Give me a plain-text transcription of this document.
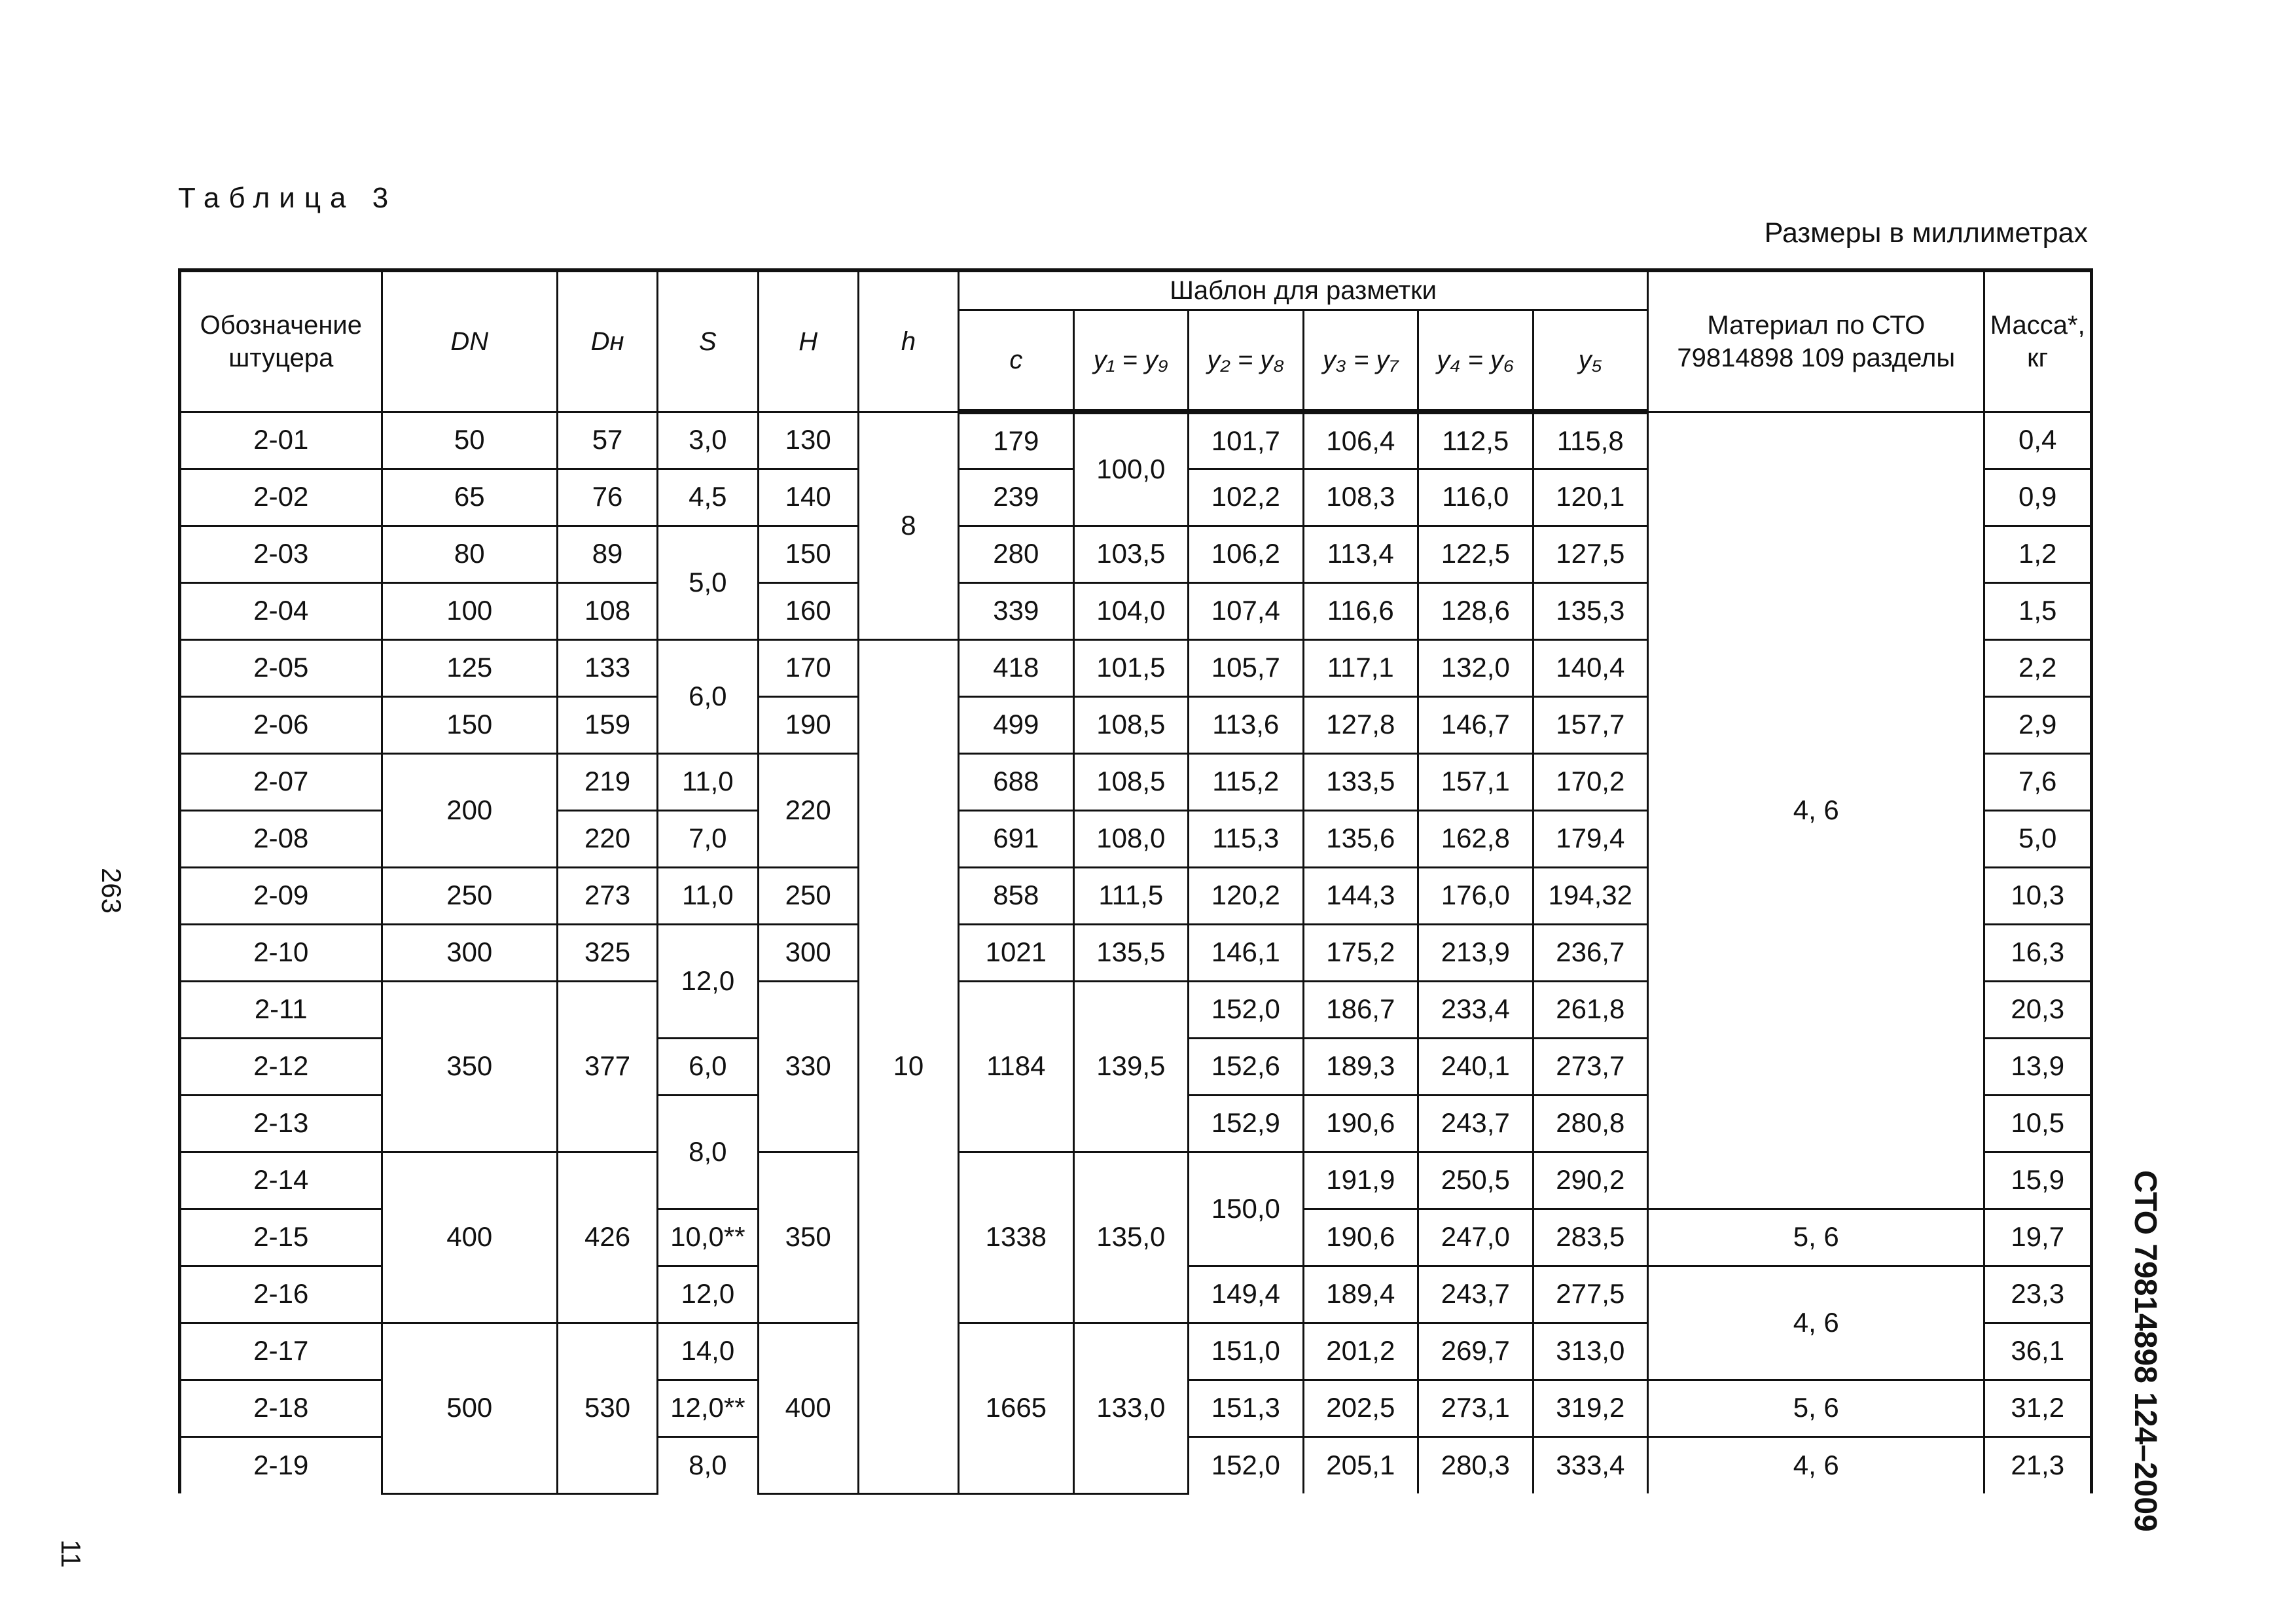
Таблица 3
Размеры в миллиметрах
263
11
СТО 79814898 124–2009
Обозначение штуцера	DN	Dн	S	H	h	Шаблон для разметки						Материал по СТО 79814898 109 разделы	Масса*, кг
						c	y₁ = y₉	y₂ = y₈	y₃ = y₇	y₄ = y₆	y₅		
2-01	50	57	3,0	130	8	179	100,0	101,7	106,4	112,5	115,8	4, 6	0,4
2-02	65	76	4,5	140		239		102,2	108,3	116,0	120,1		0,9
2-03	80	89	5,0	150		280	103,5	106,2	113,4	122,5	127,5		1,2
2-04	100	108		160		339	104,0	107,4	116,6	128,6	135,3		1,5
2-05	125	133	6,0	170	10	418	101,5	105,7	117,1	132,0	140,4		2,2
2-06	150	159		190		499	108,5	113,6	127,8	146,7	157,7		2,9
2-07	200	219	11,0	220		688	108,5	115,2	133,5	157,1	170,2		7,6
2-08		220	7,0			691	108,0	115,3	135,6	162,8	179,4		5,0
2-09	250	273	11,0	250		858	111,5	120,2	144,3	176,0	194,32		10,3
2-10	300	325	12,0	300		1021	135,5	146,1	175,2	213,9	236,7		16,3
2-11	350	377		330		1184	139,5	152,0	186,7	233,4	261,8		20,3
2-12			6,0					152,6	189,3	240,1	273,7		13,9
2-13			8,0					152,9	190,6	243,7	280,8		10,5
2-14	400	426		350		1338	135,0	150,0	191,9	250,5	290,2		15,9
2-15			10,0**						190,6	247,0	283,5	5, 6	19,7
2-16			12,0					149,4	189,4	243,7	277,5	4, 6	23,3
2-17	500	530	14,0	400		1665	133,0	151,0	201,2	269,7	313,0		36,1
2-18			12,0**					151,3	202,5	273,1	319,2	5, 6	31,2
2-19			8,0					152,0	205,1	280,3	333,4	4, 6	21,3
